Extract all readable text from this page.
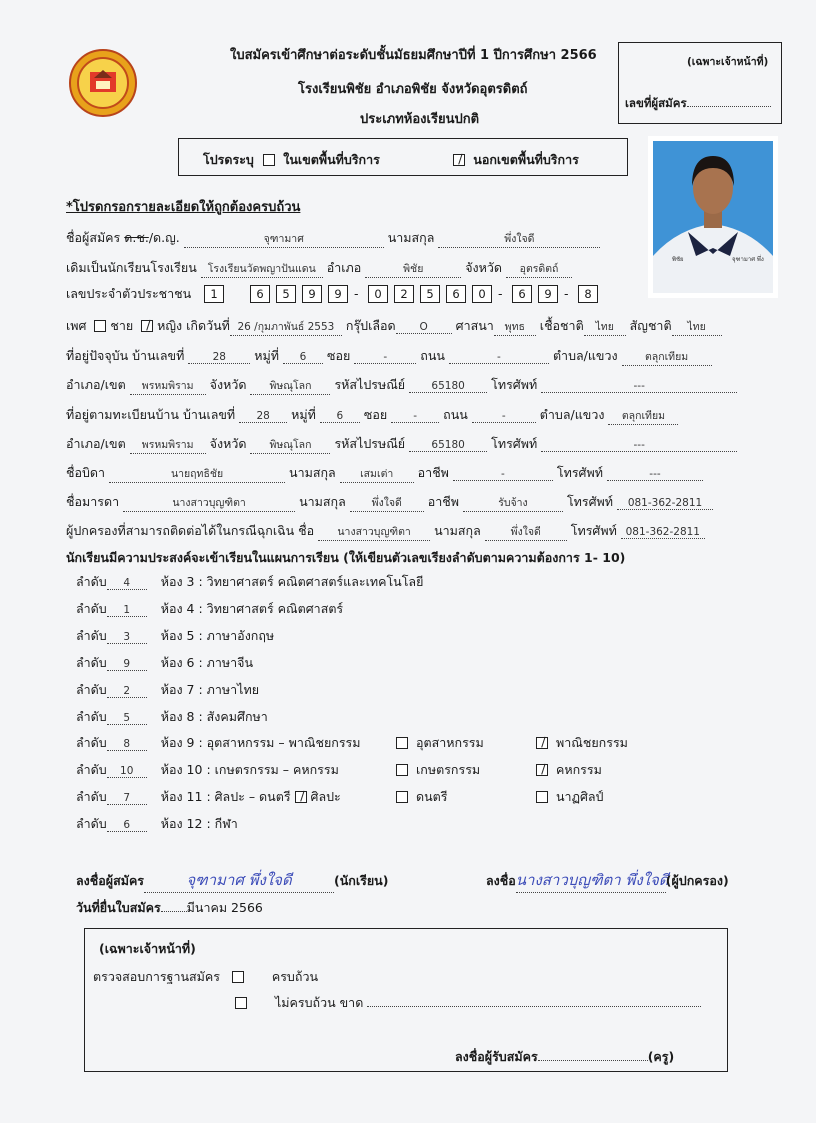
ใบสมัครเข้าศึกษาต่อระดับชั้นมัธยมศึกษาปีที่ 1 ปีการศึกษา 2566
โรงเรียนพิชัย อำเภอพิชัย จังหวัดอุตรดิตถ์
ประเภทห้องเรียนปกติ
(เฉพาะเจ้าหน้าที่)
เลขที่ผู้สมัคร
โปรดระบุ ในเขตพื้นที่บริการ	นอกเขตพื้นที่บริการ
พิชัย	จุฑามาศ พึ่ง
*โปรดกรอกรายละเอียดให้ถูกต้องครบถ้วน
ชื่อผู้สมัคร ด.ช./ด.ญ.	จุฑามาศ	นามสกุล	พึ่งใจดี
เดิมเป็นนักเรียนโรงเรียน โรงเรียนวัดพญาปันแดน อำเภอ	พิชัย	จังหวัด อุตรดิตถ์
เลขประจำตัวประชาชน 1	6 5 9 9 - 0 2 5 6 0 - 6 9 - 8
เพศ ชาย หญิง เกิดวันที่ 26 /กุมภาพันธ์ 2553 กรุ๊ปเลือด O ศาสนา พุทธ เชื้อชาติ ไทย สัญชาติ ไทย
ที่อยู่ปัจจุบัน บ้านเลขที่	28 หมู่ที่ 6 ซอย	-	ถนน	-	ตำบล/แขวง	ตลุกเทียม
อำเภอ/เขต พรหมพิราม จังหวัด พิษณุโลก รหัสไปรษณีย์	65180 โทรศัพท์	---
ที่อยู่ตามทะเบียนบ้าน บ้านเลขที่ 28 หมู่ที่ 6 ซอย - ถนน	-	ตำบล/แขวง ตลุกเทียม
อำเภอ/เขต พรหมพิราม จังหวัด พิษณุโลก รหัสไปรษณีย์	65180 โทรศัพท์	---
ชื่อบิดา	นายฤทธิชัย	นามสกุล เสมเต่า อาชีพ	-	โทรศัพท์	---
ชื่อมารดา	นางสาวบุญฑิตา	นามสกุล พึ่งใจดี อาชีพ	รับจ้าง	โทรศัพท์ 081-362-2811
ผู้ปกครองที่สามารถติดต่อได้ในกรณีฉุกเฉิน ชื่อ นางสาวบุญฑิตา นามสกุล	พึ่งใจดี โทรศัพท์ 081-362-2811
นักเรียนมีความประสงค์จะเข้าเรียนในแผนการเรียน (ให้เขียนตัวเลขเรียงลำดับตามความต้องการ 1- 10)
ลำดับ 4 ห้อง 3 : วิทยาศาสตร์ คณิตศาสตร์และเทคโนโลยี
ลำดับ 1 ห้อง 4 : วิทยาศาสตร์ คณิตศาสตร์
ลำดับ 3 ห้อง 5 : ภาษาอังกฤษ
ลำดับ 9 ห้อง 6 : ภาษาจีน
ลำดับ 2 ห้อง 7 : ภาษาไทย
ลำดับ 5 ห้อง 8 : สังคมศึกษา
ลำดับ 8 ห้อง 9 : อุตสาหกรรม – พาณิชยกรรม
ลำดับ 10 ห้อง 10 : เกษตรกรรม – คหกรรม
ลำดับ 7 ห้อง 11 : ศิลปะ – ดนตรี ศิลปะ
ลำดับ 6 ห้อง 12 : กีฬา
ลงชื่อผู้สมัคร	จุฑามาศ พึ่งใจดี	(นักเรียน)	ลงชื่อนางสาวบุญฑิตา พึ่งใจดี(ผู้ปกครอง)
วันที่ยื่นใบสมัคร มีนาคม 2566
(เฉพาะเจ้าหน้าที่)
ตรวจสอบการฐานสมัคร	ครบถ้วน
ไม่ครบถ้วน ขาด
ลงชื่อผู้รับสมัคร	(ครู)
อุตสาหกรรม	พาณิชยกรรม
เกษตรกรรม	คหกรรม
ดนตรี	นาฏศิลป์
